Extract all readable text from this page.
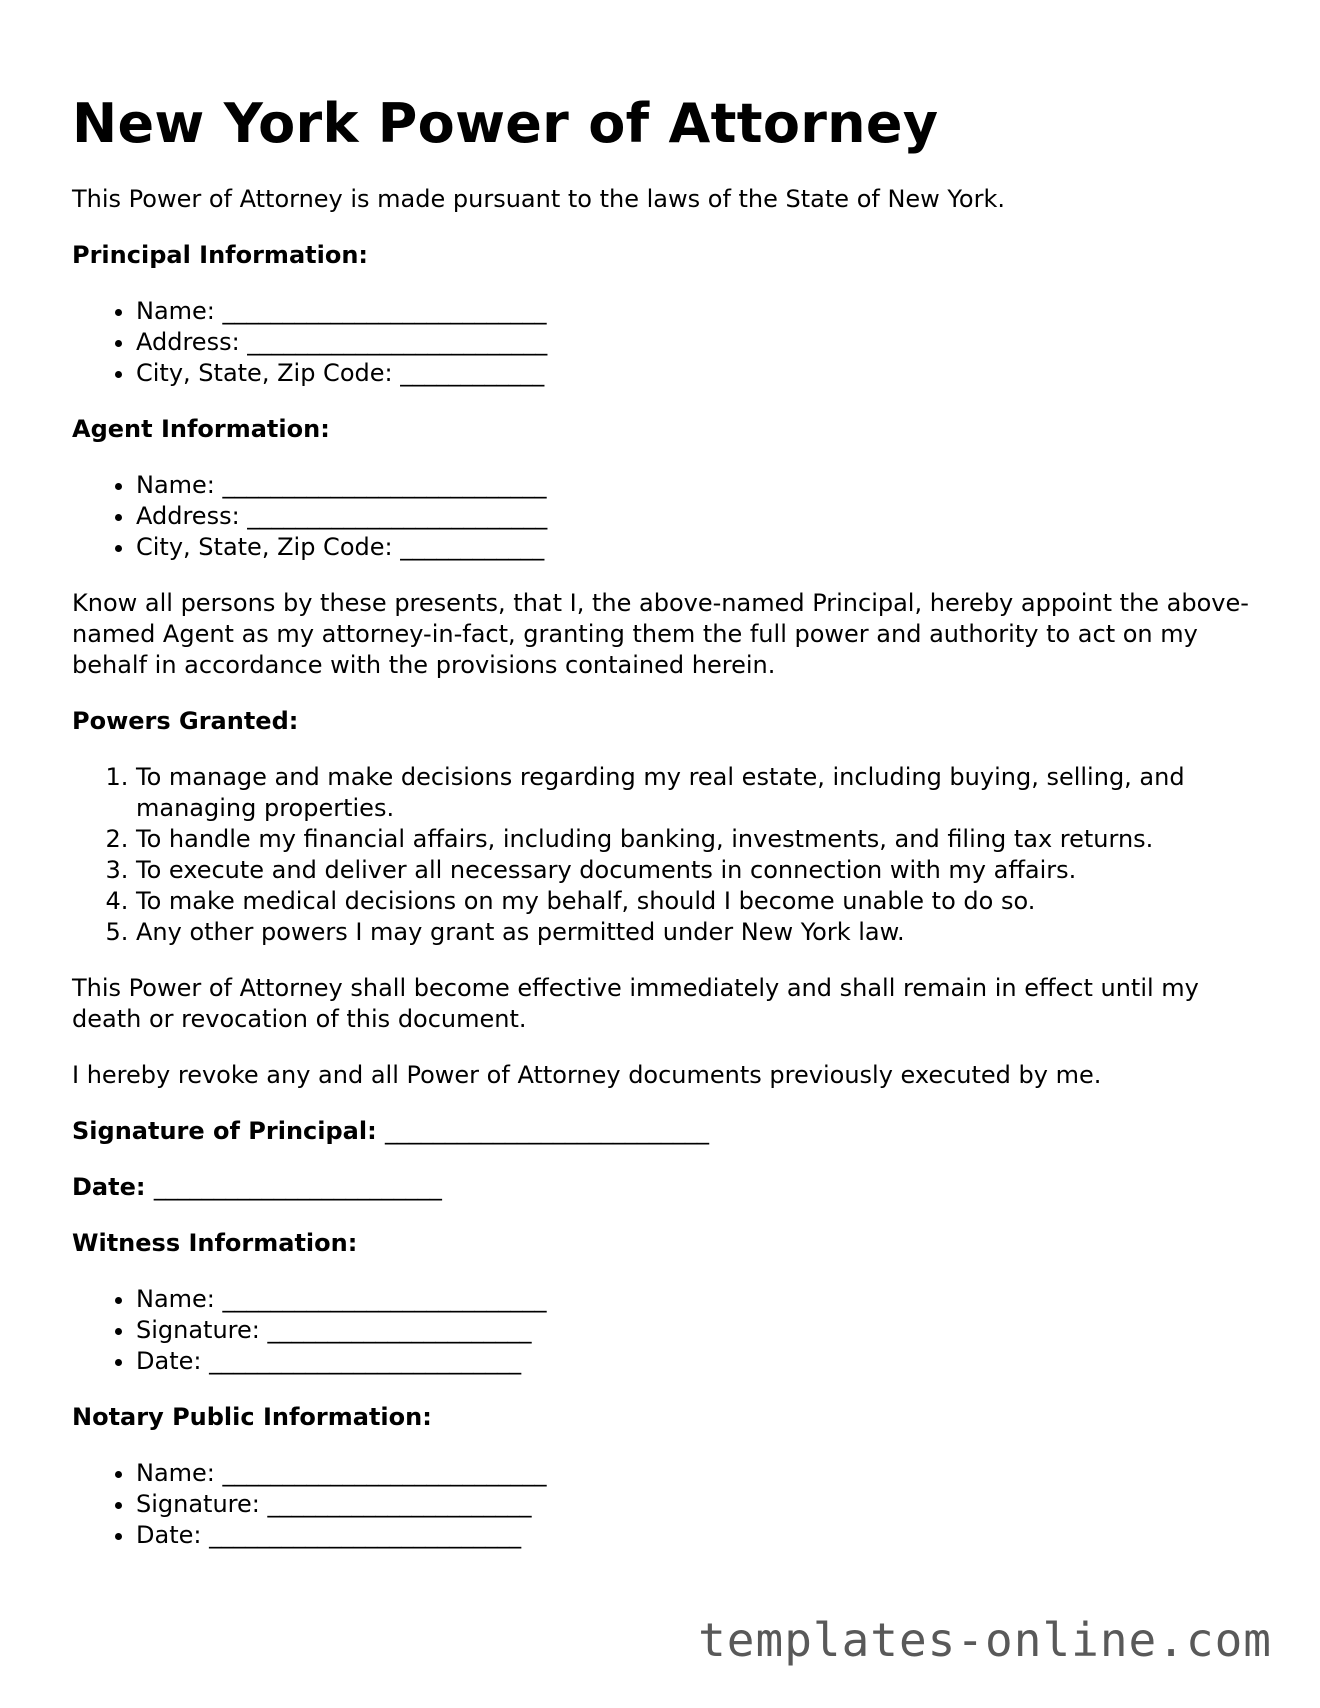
New York Power of Attorney

This Power of Attorney is made pursuant to the laws of the State of New York.

Principal Information:
• Name: ___________________________
• Address: _________________________
• City, State, Zip Code: ____________
Agent Information:
• Name: ___________________________
• Address: _________________________
• City, State, Zip Code: ____________

Know all persons by these presents, that I, the above-named Principal, hereby appoint the above-named Agent as my attorney-in-fact, granting them the full power and authority to act on my behalf in accordance with the provisions contained herein.

Powers Granted:
1. To manage and make decisions regarding my real estate, including buying, selling, and managing properties.
2. To handle my financial affairs, including banking, investments, and filing tax returns.
3. To execute and deliver all necessary documents in connection with my affairs.
4. To make medical decisions on my behalf, should I become unable to do so.
5. Any other powers I may grant as permitted under New York law.

This Power of Attorney shall become effective immediately and shall remain in effect until my death or revocation of this document.

I hereby revoke any and all Power of Attorney documents previously executed by me.

Signature of Principal: ___________________________
Date: ________________________
Witness Information:
• Name: ___________________________
• Signature: ______________________
• Date: __________________________
Notary Public Information:
• Name: ___________________________
• Signature: ______________________
• Date: __________________________
templates-online.com
